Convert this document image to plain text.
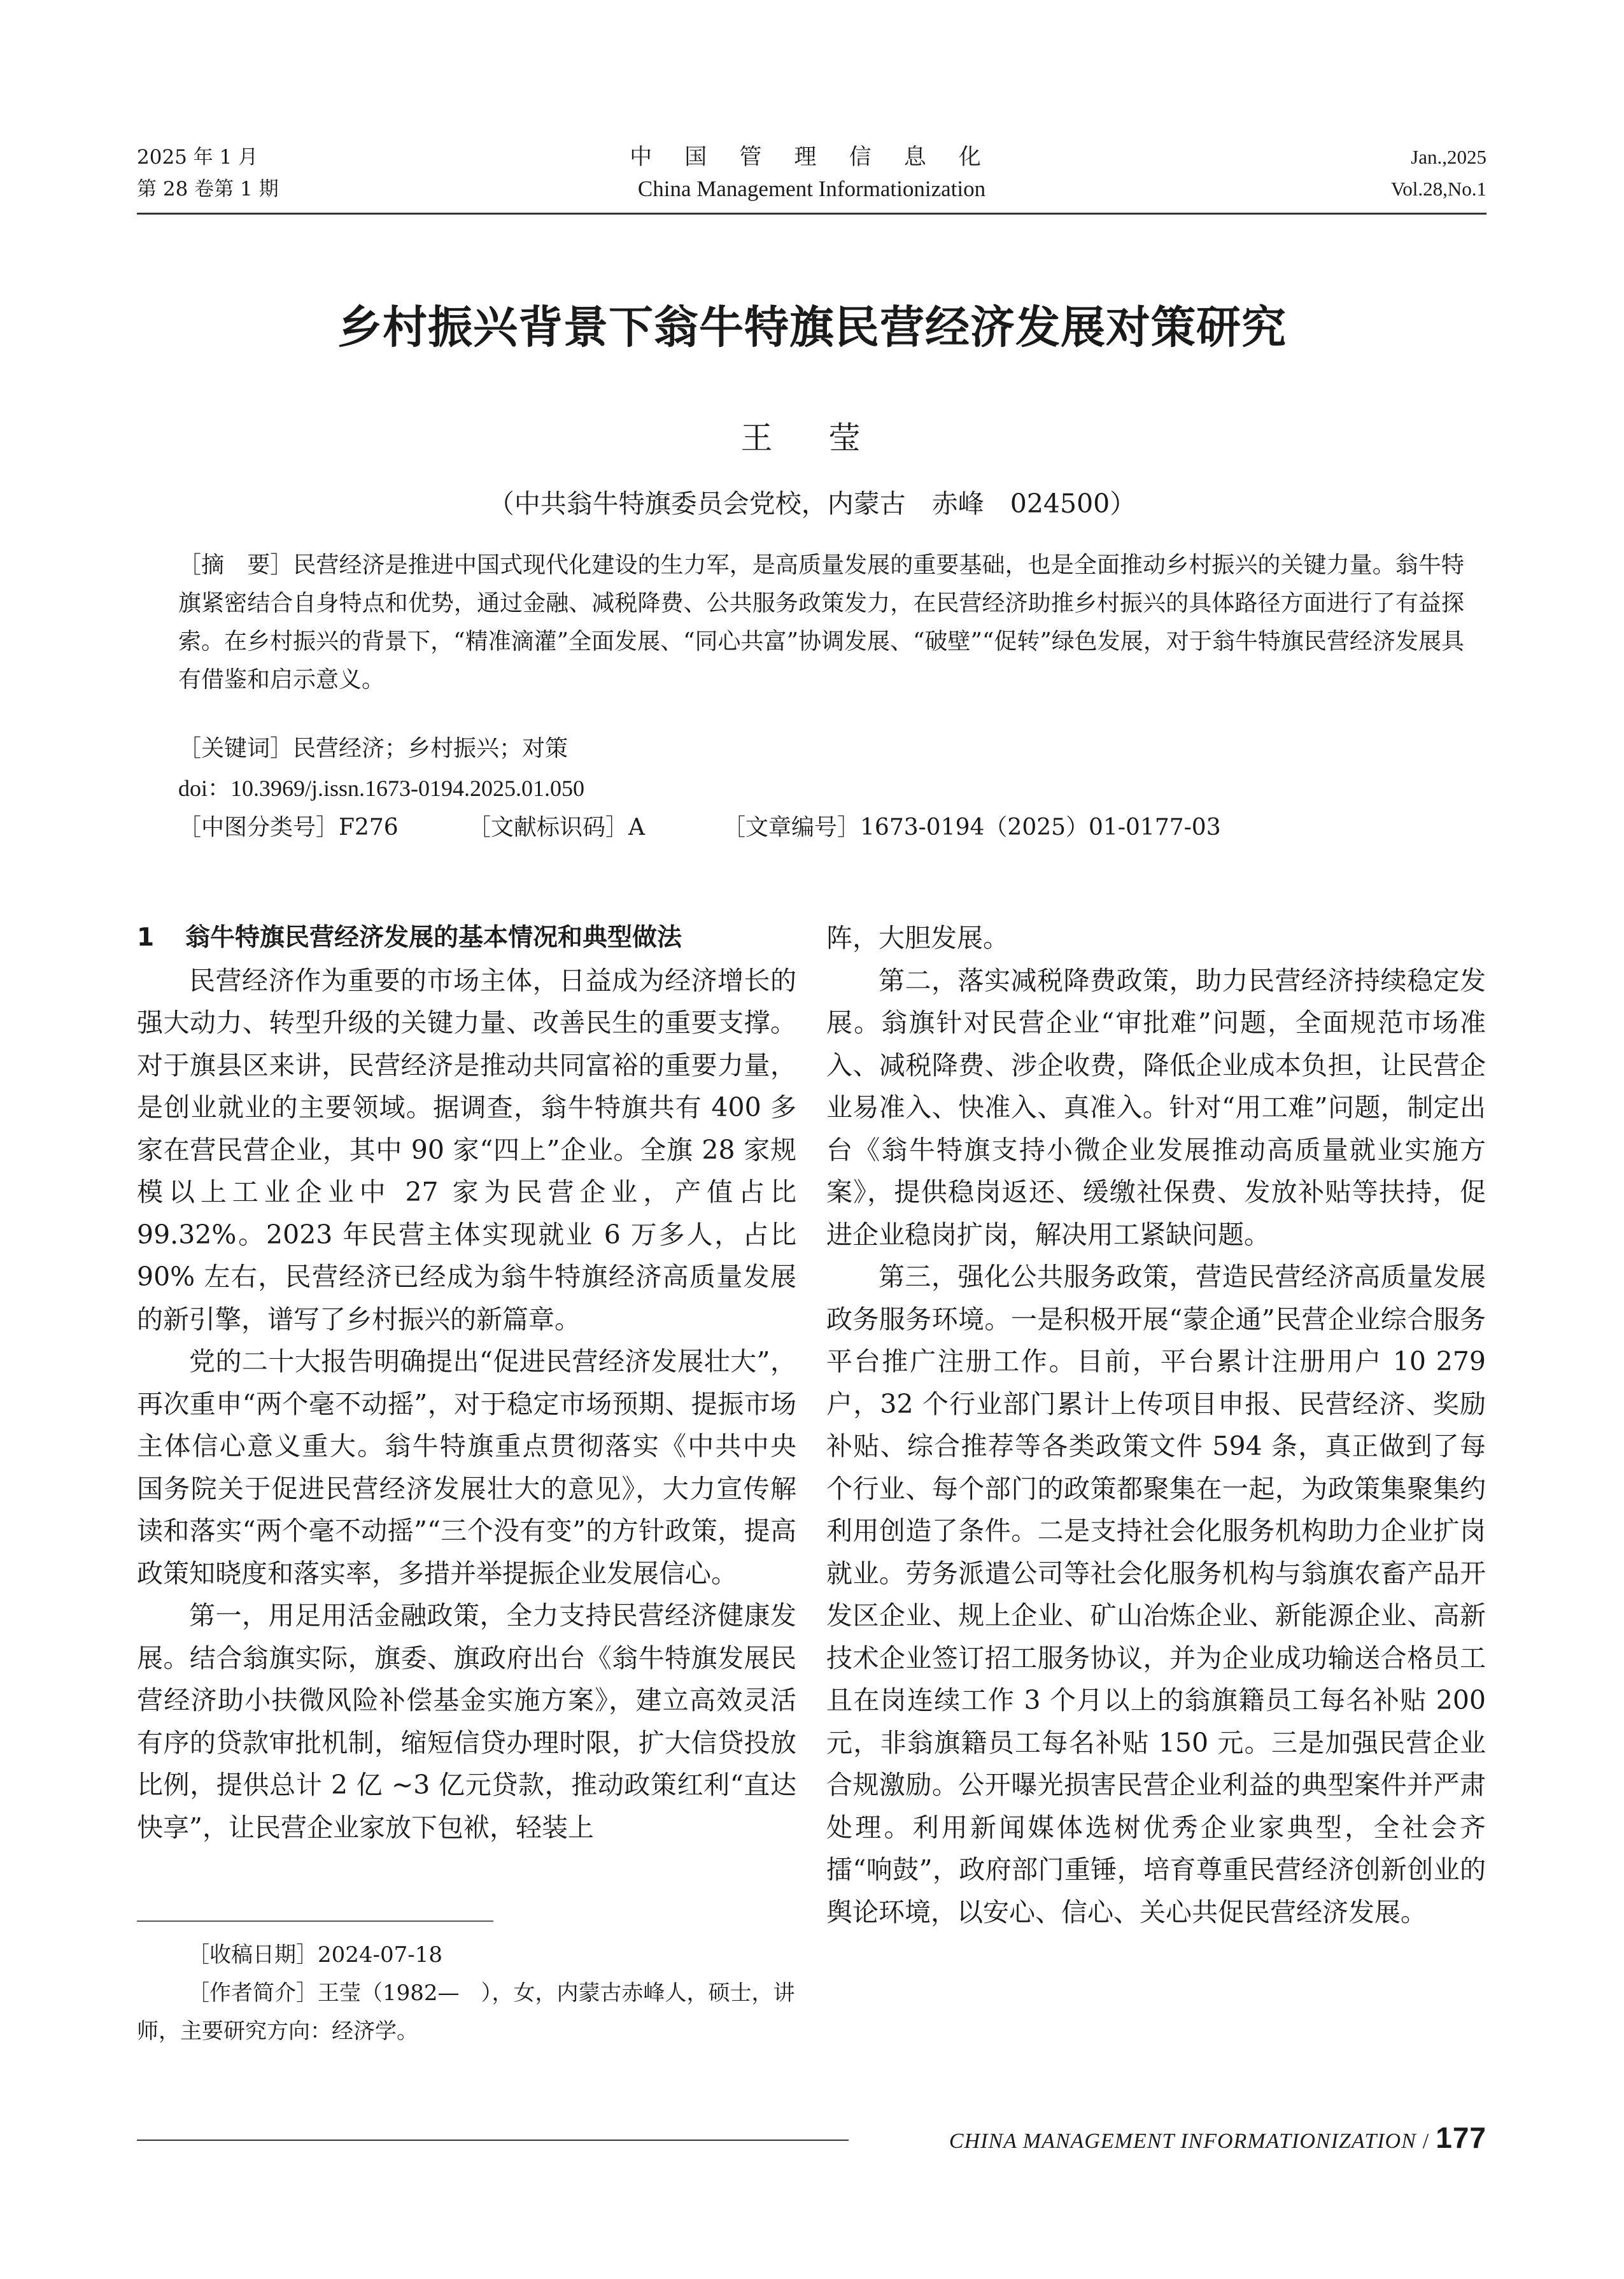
2025 年 1 月
第 28 卷第 1 期
中 国 管 理 信 息 化
China Management Informationization
Jan.,2025
Vol.28,No.1
乡村振兴背景下翁牛特旗民营经济发展对策研究
王 莹
（中共翁牛特旗委员会党校，内蒙古　赤峰　024500）
［摘　要］民营经济是推进中国式现代化建设的生力军，是高质量发展的重要基础，也是全面推动乡村振兴的关键力量。翁牛特旗紧密结合自身特点和优势，通过金融、减税降费、公共服务政策发力，在民营经济助推乡村振兴的具体路径方面进行了有益探索。在乡村振兴的背景下，“精准滴灌”全面发展、“同心共富”协调发展、“破壁”“促转”绿色发展，对于翁牛特旗民营经济发展具有借鉴和启示意义。
［关键词］民营经济；乡村振兴；对策
doi：10.3969/j.issn.1673-0194.2025.01.050
［中图分类号］F276	［文献标识码］A	［文章编号］1673-0194（2025）01-0177-03
1 翁牛特旗民营经济发展的基本情况和典型做法

民营经济作为重要的市场主体，日益成为经济增长的强大动力、转型升级的关键力量、改善民生的重要支撑。对于旗县区来讲，民营经济是推动共同富裕的重要力量，是创业就业的主要领域。据调查，翁牛特旗共有 400 多家在营民营企业，其中 90 家“四上”企业。全旗 28 家规模以上工业企业中 27 家为民营企业，产值占比 99.32%。2023 年民营主体实现就业 6 万多人，占比 90% 左右，民营经济已经成为翁牛特旗经济高质量发展的新引擎，谱写了乡村振兴的新篇章。

党的二十大报告明确提出“促进民营经济发展壮大”，再次重申“两个毫不动摇”，对于稳定市场预期、提振市场主体信心意义重大。翁牛特旗重点贯彻落实《中共中央　国务院关于促进民营经济发展壮大的意见》，大力宣传解读和落实“两个毫不动摇”“三个没有变”的方针政策，提高政策知晓度和落实率，多措并举提振企业发展信心。

第一，用足用活金融政策，全力支持民营经济健康发展。结合翁旗实际，旗委、旗政府出台《翁牛特旗发展民营经济助小扶微风险补偿基金实施方案》，建立高效灵活有序的贷款审批机制，缩短信贷办理时限，扩大信贷投放比例，提供总计 2 亿 ~3 亿元贷款，推动政策红利“直达快享”，让民营企业家放下包袱，轻装上

阵，大胆发展。

第二，落实减税降费政策，助力民营经济持续稳定发展。翁旗针对民营企业“审批难”问题，全面规范市场准入、减税降费、涉企收费，降低企业成本负担，让民营企业易准入、快准入、真准入。针对“用工难”问题，制定出台《翁牛特旗支持小微企业发展推动高质量就业实施方案》，提供稳岗返还、缓缴社保费、发放补贴等扶持，促进企业稳岗扩岗，解决用工紧缺问题。

第三，强化公共服务政策，营造民营经济高质量发展政务服务环境。一是积极开展“蒙企通”民营企业综合服务平台推广注册工作。目前，平台累计注册用户 10 279 户，32 个行业部门累计上传项目申报、民营经济、奖励补贴、综合推荐等各类政策文件 594 条，真正做到了每个行业、每个部门的政策都聚集在一起，为政策集聚集约利用创造了条件。二是支持社会化服务机构助力企业扩岗就业。劳务派遣公司等社会化服务机构与翁旗农畜产品开发区企业、规上企业、矿山冶炼企业、新能源企业、高新技术企业签订招工服务协议，并为企业成功输送合格员工且在岗连续工作 3 个月以上的翁旗籍员工每名补贴 200 元，非翁旗籍员工每名补贴 150 元。三是加强民营企业合规激励。公开曝光损害民营企业利益的典型案件并严肃处理。利用新闻媒体选树优秀企业家典型，全社会齐擂“响鼓”，政府部门重锤，培育尊重民营经济创新创业的舆论环境，以安心、信心、关心共促民营经济发展。

［收稿日期］2024-07-18

［作者简介］王莹（1982—　），女，内蒙古赤峰人，硕士，讲师，主要研究方向：经济学。

CHINA MANAGEMENT INFORMATIONIZATION / 177
